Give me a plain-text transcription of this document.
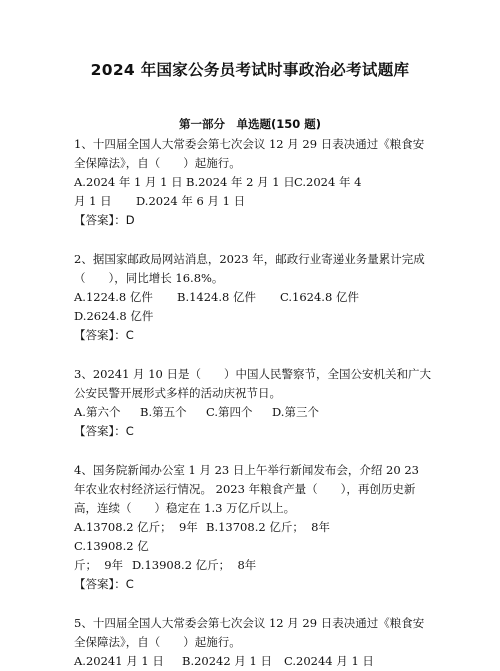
2024 年国家公务员考试时事政治必考试题库
第一部分　单选题(150 题)

1、十四届全国人大常委会第七次会议 12 月 29 日表决通过《粮食安全保障法》，自（　　）起施行。

A.2024 年 1 月 1 日 B.2024 年 2 月 1 日C.2024 年 4

月 1 日 D.2024 年 6 月 1 日

【答案】：D

2、据国家邮政局网站消息，2023 年，邮政行业寄递业务量累计完成（　　），同比增长 16.8%。

A.1224.8 亿件 B.1424.8 亿件 C.1624.8 亿件

D.2624.8 亿件

【答案】：C

3、20241 月 10 日是（　　）中国人民警察节，全国公安机关和广大公安民警开展形式多样的活动庆祝节日。

A.第六个 B.第五个 C.第四个 D.第三个

【答案】：C

4、国务院新闻办公室 1 月 23 日上午举行新闻发布会，介绍 20 23 年农业农村经济运行情况。 2023 年粮食产量（　　），再创历史新高，连续（　　）稳定在 1.3 万亿斤以上。

A.13708.2 亿斤；  9年 B.13708.2 亿斤；  8年C.13908.2 亿

斤；  9年 D.13908.2 亿斤；  8年

【答案】：C

5、十四届全国人大常委会第七次会议 12 月 29 日表决通过《粮食安全保障法》，自（　　）起施行。

A.20241 月 1 日 B.20242 月 1 日 C.20244 月 1 日
